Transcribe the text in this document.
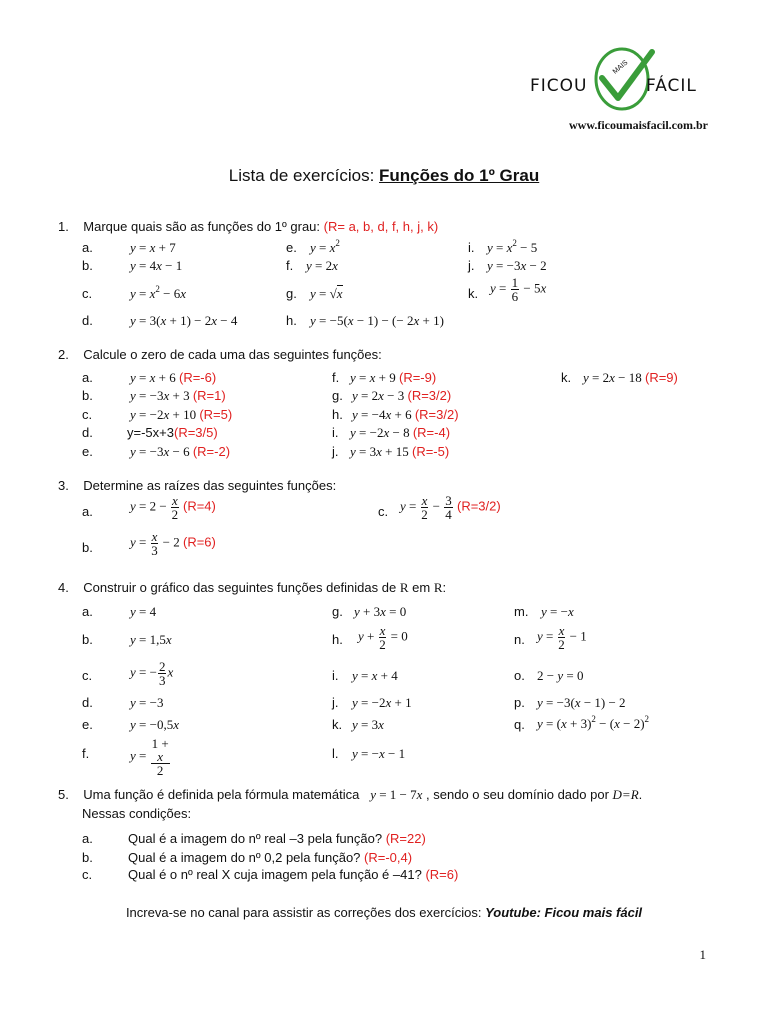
FICOU
MAIS
FÁCIL
www.ficoumaisfacil.com.br
Lista de exercícios: Funções do 1º Grau
1. Marque quais são as funções do 1º grau: (R= a, b, d, f, h, j, k)
a.	y = x + 7
b.	y = 4x − 1
c.	$y = x^2 - 6x$
d.	y = 3(x + 1) − 2x − 4
e. $y = x^2$
f. y = 2x
g. y = √x
h. y = −5(x − 1) − (− 2x + 1)
i. $y = x^2 - 5$
j. y = −3x − 2
k. $y = \frac{1}{6} - 5x$
2. Calcule o zero de cada uma das seguintes funções:
a.	y = x + 6 (R=-6)
b.	y = −3x + 3 (R=1)
c.	y = −2x + 10 (R=5)
d.	y=-5x+3(R=3/5)
e.	y = −3x − 6 (R=-2)
f. y = x + 9 (R=-9)
g. y = 2x − 3 (R=3/2)
h. y = −4x + 6 (R=3/2)
i. y = −2x − 8 (R=-4)
j. y = 3x + 15 (R=-5)
k. y = 2x − 18 (R=9)
3. Determine as raízes das seguintes funções:
a.	$y = 2 - \frac{x}{2} (R=4)$	c. $y = \frac{x}{2} - \frac{3}{4} (R=3/2)$
b.	$y = \frac{x}{3} - 2$ (R=6)
4. Construir o gráfico das seguintes funções definidas de R em R:
a.	y = 4
b.	y = 1,5x
c.	y = − $\frac{2}{3}$ x
d.	y = −3
e.	y = −0,5x
f.	y = 1 +
x
2
g. y + 3x = 0
h. $y + \frac{x}{2} = 0$
i. y = x + 4
j. y = −2x + 1
k. y = 3x
l. y = −x − 1
m. y = −x
n. $y = \frac{x}{2} - 1$
o. 2 − y = 0
p. y = −3(x − 1) − 2
q. $y = (x + 3)^2 - (x - 2)^2$
5. Uma função é definida pela fórmula matemática y = 1 − 7x , sendo o seu domínio dado por D=R.
Nessas condições:
a.	Qual é a imagem do nº real –3 pela função? (R=22)
b.	Qual é a imagem do nº 0,2 pela função? (R=-0,4)
c.	Qual é o nº real X cuja imagem pela função é –41? (R=6)
Increva-se no canal para assistir as correções dos exercícios: Youtube: Ficou mais fácil
1
